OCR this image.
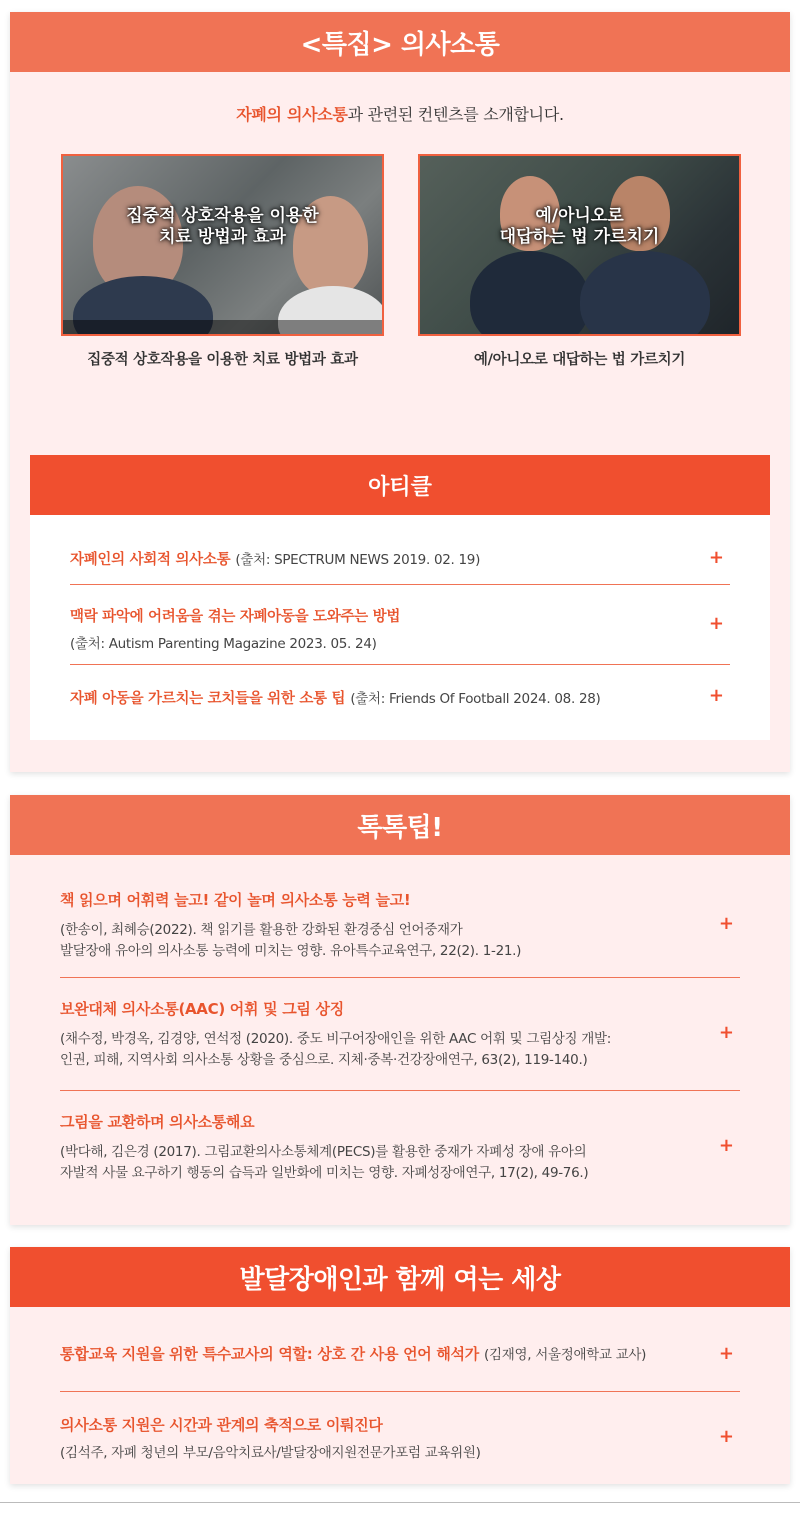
<특집> 의사소통

자폐의 의사소통과 관련된 컨텐츠를 소개합니다.

집중적 상호작용을 이용한
치료 방법과 효과
집중적 상호작용을 이용한 치료 방법과 효과
예/아니오로
대답하는 법 가르치기
예/아니오로 대답하는 법 가르치기
아티클
자폐인의 사회적 의사소통 (출처: SPECTRUM NEWS 2019. 02. 19)	+
맥락 파악에 어려움을 겪는 자폐아동을 도와주는 방법
(출처: Autism Parenting Magazine 2023. 05. 24)
+
자폐 아동을 가르치는 코치들을 위한 소통 팁 (출처: Friends Of Football 2024. 08. 28)	+
톡톡팁!
책 읽으며 어휘력 늘고! 같이 놀며 의사소통 능력 늘고!
(한송이, 최혜승(2022). 책 읽기를 활용한 강화된 환경중심 언어중재가
발달장애 유아의 의사소통 능력에 미치는 영향. 유아특수교육연구, 22(2). 1-21.)
+
보완대체 의사소통(AAC) 어휘 및 그림 상징
(채수정, 박경옥, 김경양, 연석정 (2020). 중도 비구어장애인을 위한 AAC 어휘 및 그림상징 개발:
인권, 피해, 지역사회 의사소통 상황을 중심으로. 지체·중복·건강장애연구, 63(2), 119-140.)
+
그림을 교환하며 의사소통해요
(박다해, 김은경 (2017). 그림교환의사소통체계(PECS)를 활용한 중재가 자폐성 장애 유아의
자발적 사물 요구하기 행동의 습득과 일반화에 미치는 영향. 자폐성장애연구, 17(2), 49-76.)
+
발달장애인과 함께 여는 세상
통합교육 지원을 위한 특수교사의 역할: 상호 간 사용 언어 해석가 (김재영, 서울정애학교 교사)	+
의사소통 지원은 시간과 관계의 축적으로 이뤄진다
(김석주, 자폐 청년의 부모/음악치료사/발달장애지원전문가포럼 교육위원)
+
